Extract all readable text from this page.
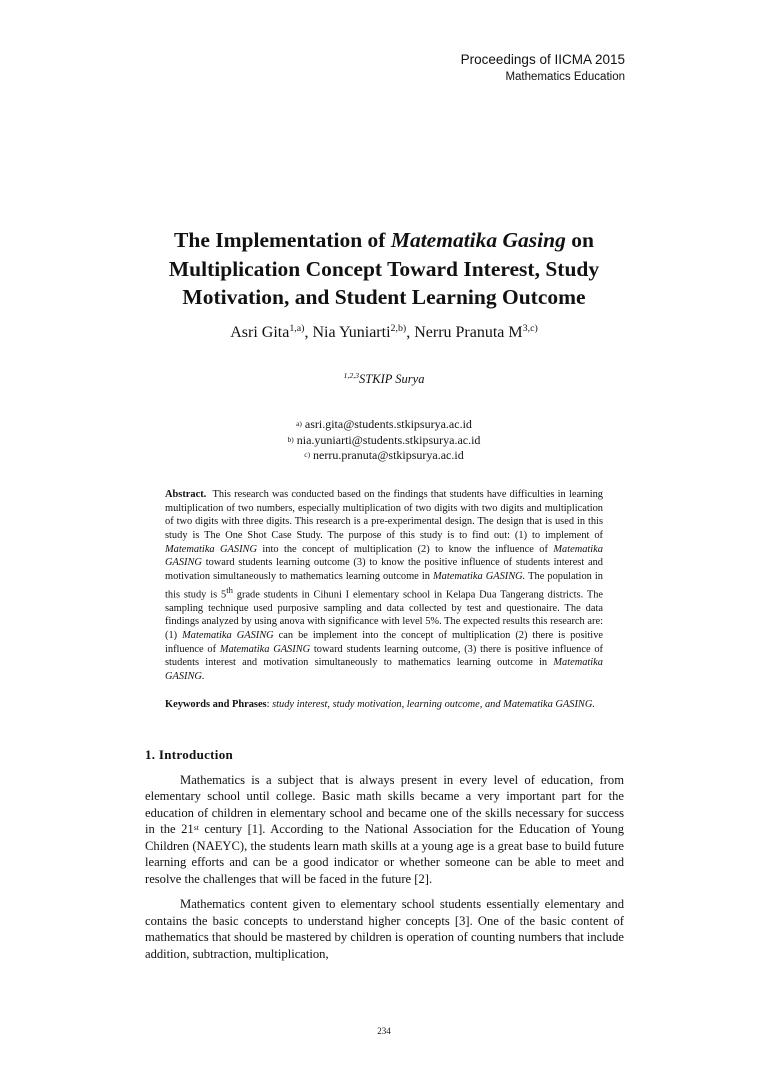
Proceedings of IICMA 2015
Mathematics Education
The Implementation of Matematika Gasing on Multiplication Concept Toward Interest, Study Motivation, and Student Learning Outcome
Asri Gita$^{1,a)}$, Nia Yuniarti$^{2,b)}$, Nerru Pranuta M$^{3,c)}$
$^{1,2,3}$STKIP Surya
$^{a)}$ asri.gita@students.stkipsurya.ac.id
$^{b)}$ nia.yuniarti@students.stkipsurya.ac.id
$^{c)}$ nerru.pranuta@stkipsurya.ac.id
Abstract. This research was conducted based on the findings that students have difficulties in learning multiplication of two numbers, especially multiplication of two digits with two digits and multiplication of two digits with three digits. This research is a pre-experimental design. The design that is used in this study is The One Shot Case Study. The purpose of this study is to find out: (1) to implement of Matematika GASING into the concept of multiplication (2) to know the influence of Matematika GASING toward students learning outcome (3) to know the positive influence of students interest and motivation simultaneously to mathematics learning outcome in Matematika GASING. The population in this study is 5th grade students in Cihuni I elementary school in Kelapa Dua Tangerang districts. The sampling technique used purposive sampling and data collected by test and questionaire. The data findings analyzed by using anova with significance with level 5%. The expected results this research are: (1) Matematika GASING can be implement into the concept of multiplication (2) there is positive influence of Matematika GASING toward students learning outcome, (3) there is positive influence of students interest and motivation simultaneously to mathematics learning outcome in Matematika GASING.
Keywords and Phrases: study interest, study motivation, learning outcome, and Matematika GASING.
1. Introduction

Mathematics is a subject that is always present in every level of education, from elementary school until college. Basic math skills became a very important part for the education of children in elementary school and became one of the skills necessary for success in the 21st century [1]. According to the National Association for the Education of Young Children (NAEYC), the students learn math skills at a young age is a great base to build future learning efforts and can be a good indicator or whether someone can be able to meet and resolve the challenges that will be faced in the future [2].

Mathematics content given to elementary school students essentially elementary and contains the basic concepts to understand higher concepts [3]. One of the basic content of mathematics that should be mastered by children is operation of counting numbers that include addition, subtraction, multiplication,

234
